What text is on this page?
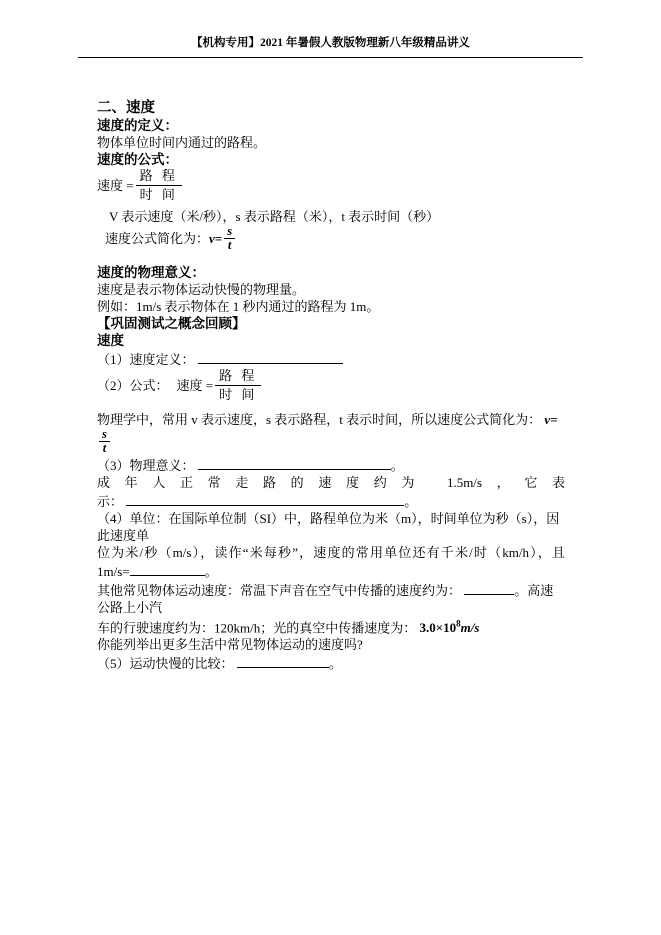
【机构专用】2021 年暑假人教版物理新八年级精品讲义

二、速度

速度的定义：

物体单位时间内通过的路程。

速度的公式：

速度 = $\frac{\text{路 程}}{\text{时 间}}$

V 表示速度（米/秒），s 表示路程（米），t 表示时间（秒）

速度公式简化为： $v = \frac{s}{t}$

速度的物理意义：

速度是表示物体运动快慢的物理量。

例如：1m/s 表示物体在 1 秒内通过的路程为 1m。

【巩固测试之概念回顾】

速度

（1）速度定义：

（2）公式： 速度 = $\frac{\text{路 程}}{\text{时 间}}$

物理学中，常用 v 表示速度，s 表示路程，t 表示时间，所以速度公式简化为： v=
$\frac{s}{t}$

（3）物理意义：	。

成年人正常走路的速度约为 1.5m/s，它表

示：	。

（4）单位：在国际单位制（SI）中，路程单位为米（m），时间单位为秒（s），因此速度单

位为米/秒（m/s），读作“米每秒”，速度的常用单位还有千米/时（km/h），且

1m/s=	。

其他常见物体运动速度：常温下声音在空气中传播的速度约为：	。高速公路上小汽

车的行驶速度约为：120km/h；光的真空中传播速度为： $3.0\times 10^8m/s$

你能列举出更多生活中常见物体运动的速度吗?

（5）运动快慢的比较：	。
